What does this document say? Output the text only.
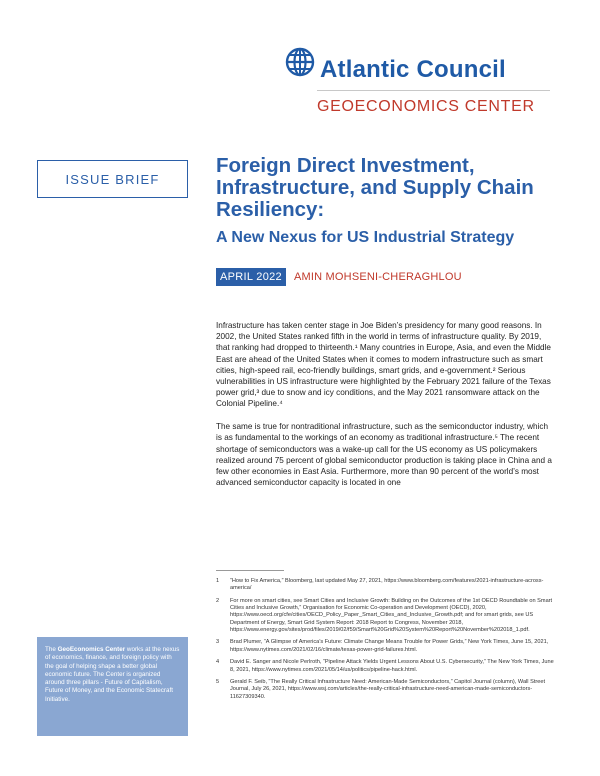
Atlantic Council
GEOECONOMICS CENTER
ISSUE BRIEF
Foreign Direct Investment, Infrastructure, and Supply Chain Resiliency:
A New Nexus for US Industrial Strategy
APRIL 2022	AMIN MOHSENI-CHERAGHLOU

Infrastructure has taken center stage in Joe Biden’s presidency for many good reasons. In 2002, the United States ranked fifth in the world in terms of infrastructure quality. By 2019, that ranking had dropped to thirteenth.¹ Many countries in Europe, Asia, and even the Middle East are ahead of the United States when it comes to modern infrastructure such as smart cities, high-speed rail, eco-friendly buildings, smart grids, and e-government.² Serious vulnerabilities in US infrastructure were highlighted by the February 2021 failure of the Texas power grid,³ due to snow and icy conditions, and the May 2021 ransomware attack on the Colonial Pipeline.⁴

The same is true for nontraditional infrastructure, such as the semiconductor industry, which is as fundamental to the workings of an economy as traditional infrastructure.⁵ The recent shortage of semiconductors was a wake-up call for the US economy as US policymakers realized around 75 percent of global semiconductor production is taking place in China and a few other economies in East Asia. Furthermore, more than 90 percent of the world’s most advanced semiconductor capacity is located in one

1	“How to Fix America,” Bloomberg, last updated May 27, 2021, https://www.bloomberg.com/features/2021-infrastructure-across-america/
2	For more on smart cities, see Smart Cities and Inclusive Growth: Building on the Outcomes of the 1st OECD Roundtable on Smart Cities and Inclusive Growth,” Organisation for Economic Co-operation and Development (OECD), 2020, https://www.oecd.org/cfe/cities/OECD_Policy_Paper_Smart_Cities_and_Inclusive_Growth.pdf; and for smart grids, see US Department of Energy, Smart Grid System Report: 2018 Report to Congress, November 2018, https://www.energy.gov/sites/prod/files/2019/02/f59/Smart%20Grid%20System%20Report%20November%202018_1.pdf.
3	Brad Plumer, “A Glimpse of America’s Future: Climate Change Means Trouble for Power Grids,” New York Times, June 15, 2021, https://www.nytimes.com/2021/02/16/climate/texas-power-grid-failures.html.
4	David E. Sanger and Nicole Perlroth, “Pipeline Attack Yields Urgent Lessons About U.S. Cybersecurity,” The New York Times, June 8, 2021, https://www.nytimes.com/2021/05/14/us/politics/pipeline-hack.html.
5	Gerald F. Seib, “The Really Critical Infrastructure Need: American-Made Semiconductors,” Capitol Journal (column), Wall Street Journal, July 26, 2021, https://www.wsj.com/articles/the-really-critical-infrastructure-need-american-made-semiconductors-11627309340.
The GeoEconomics Center works at the nexus of economics, finance, and foreign policy with the goal of helping shape a better global economic future. The Center is organized around three pillars - Future of Capitalism, Future of Money, and the Economic Statecraft Initiative.
